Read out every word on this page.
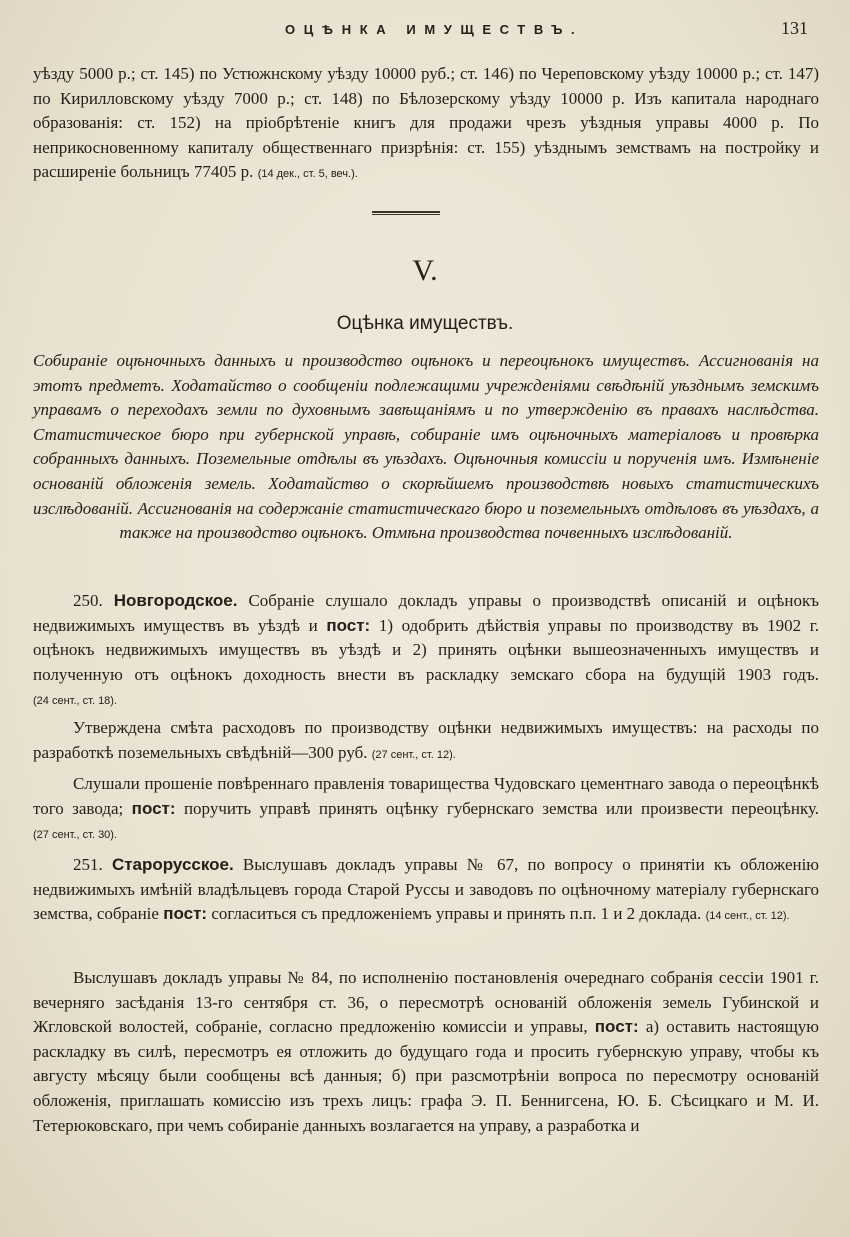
ОЦѢНКА ИМУЩЕСТВЪ.	131

уѣзду 5000 р.; ст. 145) по Устюжнскому уѣзду 10000 руб.; ст. 146) по Череповскому уѣзду 10000 р.; ст. 147) по Кирилловскому уѣзду 7000 р.; ст. 148) по Бѣлозерскому уѣзду 10000 р. Изъ капитала народнаго образованія: ст. 152) на пріобрѣтеніе книгъ для продажи чрезъ уѣздныя управы 4000 р. По неприкосновенному капиталу общественнаго призрѣнія: ст. 155) уѣзднымъ земствамъ на постройку и расширеніе больницъ 77405 р. (14 дек., ст. 5, веч.).

V.
Оцѣнка имуществъ.

Собираніе оцѣночныхъ данныхъ и производство оцѣнокъ и переоцѣнокъ имуществъ. Ассигнованія на этотъ предметъ. Ходатайство о сообщеніи подлежащими учрежденіями свѣдѣній уѣзднымъ земскимъ управамъ о переходахъ земли по духовнымъ завѣщаніямъ и по утвержденію въ правахъ наслѣдства. Статистическое бюро при губернской управѣ, собираніе имъ оцѣночныхъ матеріаловъ и провѣрка собранныхъ данныхъ. Поземельные отдѣлы въ уѣздахъ. Оцѣночныя комиссіи и порученія имъ. Измѣненіе основаній обложенія земель. Ходатайство о скорѣйшемъ производствѣ новыхъ статистическихъ изслѣдованій. Ассигнованія на содержаніе статистическаго бюро и поземельныхъ отдѣловъ въ уѣздахъ, а также на производство оцѣнокъ. Отмѣна производства почвенныхъ изслѣдованій.

250. Новгородское. Собраніе слушало докладъ управы о производствѣ описаній и оцѣнокъ недвижимыхъ имуществъ въ уѣздѣ и пост: 1) одобрить дѣйствія управы по производству въ 1902 г. оцѣнокъ недвижимыхъ имуществъ въ уѣздѣ и 2) принять оцѣнки вышеозначенныхъ имуществъ и полученную отъ оцѣнокъ доходность внести въ раскладку земскаго сбора на будущій 1903 годъ. (24 сент., ст. 18).

Утверждена смѣта расходовъ по производству оцѣнки недвижимыхъ имуществъ: на расходы по разработкѣ поземельныхъ свѣдѣній—300 руб. (27 сент., ст. 12).

Слушали прошеніе повѣреннаго правленія товарищества Чудовскаго цементнаго завода о переоцѣнкѣ того завода; пост: поручить управѣ принять оцѣнку губернскаго земства или произвести переоцѣнку. (27 сент., ст. 30).

251. Старорусское. Выслушавъ докладъ управы № 67, по вопросу о принятіи къ обложенію недвижимыхъ имѣній владѣльцевъ города Старой Руссы и заводовъ по оцѣночному матеріалу губернскаго земства, собраніе пост: согласиться съ предложеніемъ управы и принять п.п. 1 и 2 доклада. (14 сент., ст. 12).

Выслушавъ докладъ управы № 84, по исполненію постановленія очереднаго собранія сессіи 1901 г. вечерняго засѣданія 13-го сентября ст. 36, о пересмотрѣ основаній обложенія земель Губинской и Жгловской волостей, собраніе, согласно предложенію комиссіи и управы, пост: а) оставить настоящую раскладку въ силѣ, пересмотръ ея отложить до будущаго года и просить губернскую управу, чтобы къ августу мѣсяцу были сообщены всѣ данныя; б) при разсмотрѣніи вопроса по пересмотру основаній обложенія, приглашать комиссію изъ трехъ лицъ: графа Э. П. Беннигсена, Ю. Б. Сѣсицкаго и М. И. Тетерюковскаго, при чемъ собираніе данныхъ возлагается на управу, а разработка и
